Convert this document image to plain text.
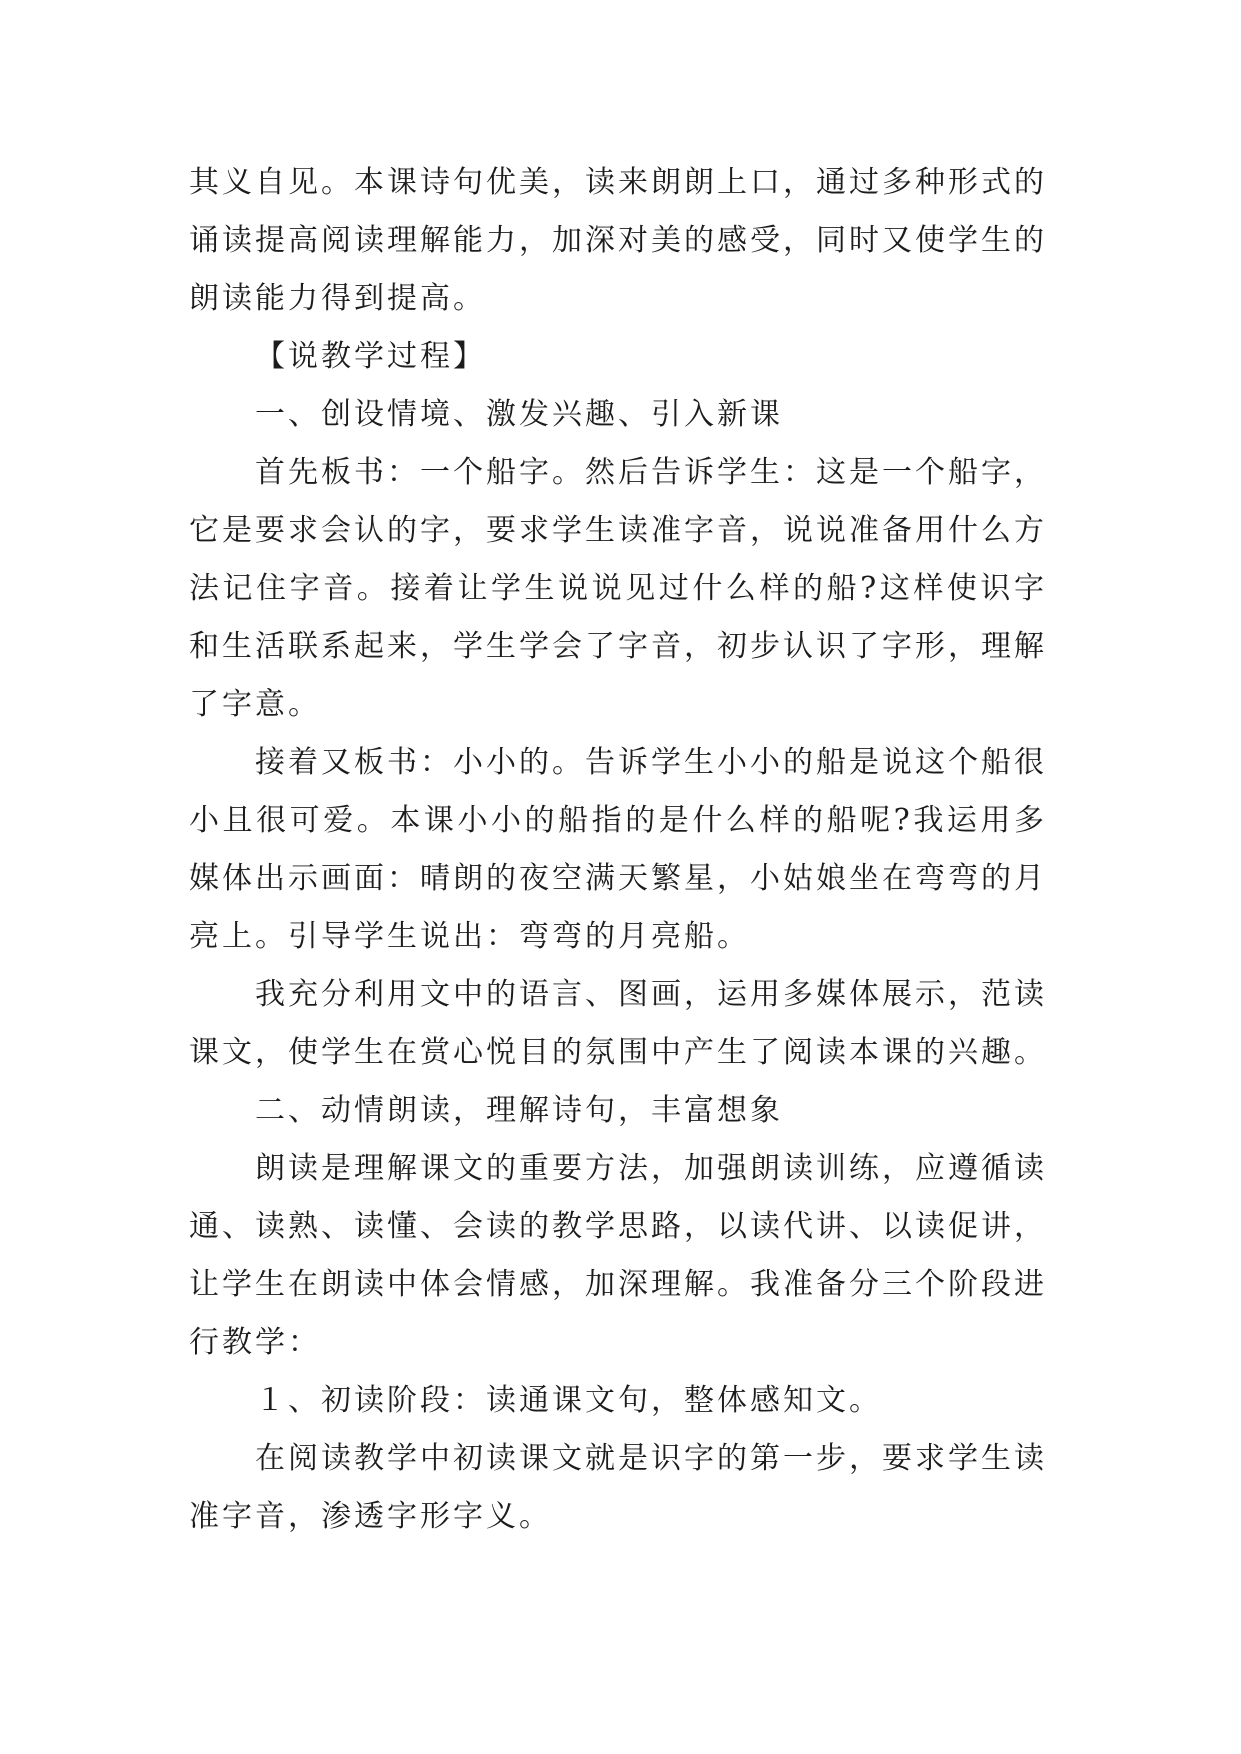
其义自见。本课诗句优美，读来朗朗上口，通过多种形式的
诵读提高阅读理解能力，加深对美的感受，同时又使学生的
朗读能力得到提高。
【说教学过程】
一、创设情境、激发兴趣、引入新课
首先板书：一个船字。然后告诉学生：这是一个船字，
它是要求会认的字，要求学生读准字音，说说准备用什么方
法记住字音。接着让学生说说见过什么样的船?这样使识字
和生活联系起来，学生学会了字音，初步认识了字形，理解
了字意。
接着又板书：小小的。告诉学生小小的船是说这个船很
小且很可爱。本课小小的船指的是什么样的船呢?我运用多
媒体出示画面：晴朗的夜空满天繁星，小姑娘坐在弯弯的月
亮上。引导学生说出：弯弯的月亮船。
我充分利用文中的语言、图画，运用多媒体展示，范读
课文，使学生在赏心悦目的氛围中产生了阅读本课的兴趣。
二、动情朗读，理解诗句，丰富想象
朗读是理解课文的重要方法，加强朗读训练，应遵循读
通、读熟、读懂、会读的教学思路，以读代讲、以读促讲，
让学生在朗读中体会情感，加深理解。我准备分三个阶段进
行教学：
１、初读阶段：读通课文句，整体感知文。
在阅读教学中初读课文就是识字的第一步，要求学生读
准字音，渗透字形字义。
